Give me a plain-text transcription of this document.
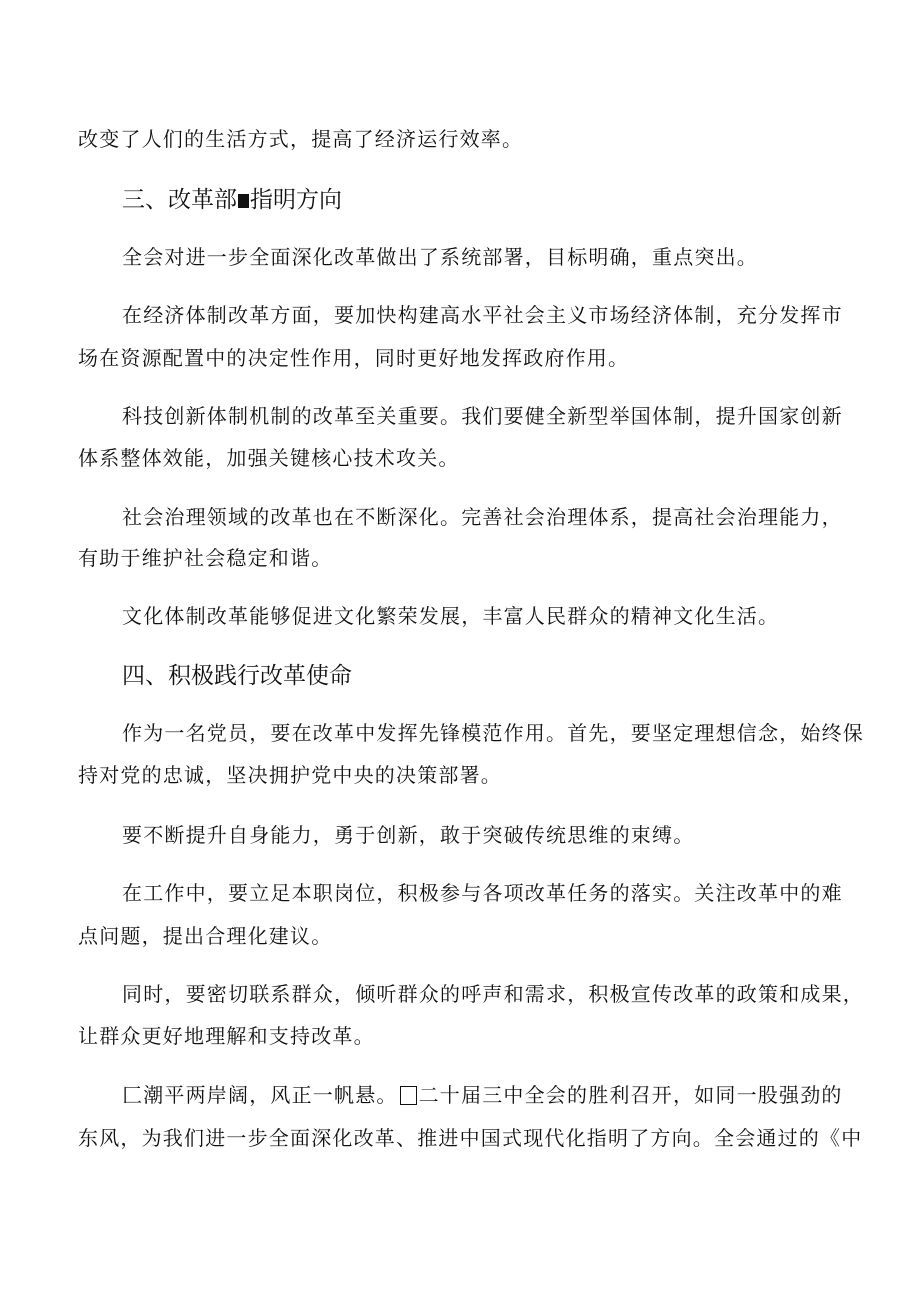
改变了人们的生活方式，提高了经济运行效率。
三、改革部 指明方向
全会对进一步全面深化改革做出了系统部署，目标明确，重点突出。
在经济体制改革方面，要加快构建高水平社会主义市场经济体制，充分发挥市
场在资源配置中的决定性作用，同时更好地发挥政府作用。
科技创新体制机制的改革至关重要。我们要健全新型举国体制，提升国家创新
体系整体效能，加强关键核心技术攻关。
社会治理领域的改革也在不断深化。完善社会治理体系，提高社会治理能力，
有助于维护社会稳定和谐。
文化体制改革能够促进文化繁荣发展，丰富人民群众的精神文化生活。
四、积极践行改革使命
作为一名党员，要在改革中发挥先锋模范作用。首先，要坚定理想信念，始终保
持对党的忠诚，坚决拥护党中央的决策部署。
要不断提升自身能力，勇于创新，敢于突破传统思维的束缚。
在工作中，要立足本职岗位，积极参与各项改革任务的落实。关注改革中的难
点问题，提出合理化建议。
同时，要密切联系群众，倾听群众的呼声和需求，积极宣传改革的政策和成果，
让群众更好地理解和支持改革。
匚潮平两岸阔，风正一帆悬。 二十届三中全会的胜利召开，如同一股强劲的
东风，为我们进一步全面深化改革、推进中国式现代化指明了方向。全会通过的《中
